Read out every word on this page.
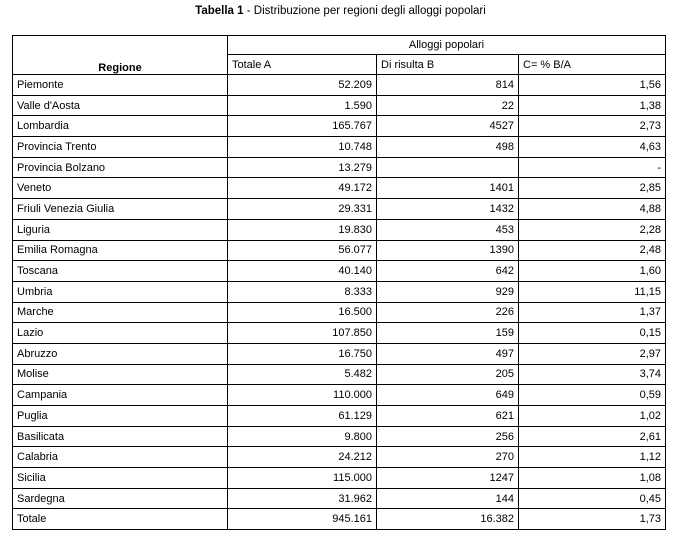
Tabella 1 - Distribuzione per regioni degli alloggi popolari
Regione	Alloggi popolari		
	Totale A	Di risulta B	C= % B/A
Piemonte	52.209	814	1,56
Valle d'Aosta	1.590	22	1,38
Lombardia	165.767	4527	2,73
Provincia Trento	10.748	498	4,63
Provincia Bolzano	13.279		-
Veneto	49.172	1401	2,85
Friuli Venezia Giulia	29.331	1432	4,88
Liguria	19.830	453	2,28
Emilia Romagna	56.077	1390	2,48
Toscana	40.140	642	1,60
Umbria	8.333	929	11,15
Marche	16.500	226	1,37
Lazio	107.850	159	0,15
Abruzzo	16.750	497	2,97
Molise	5.482	205	3,74
Campania	110.000	649	0,59
Puglia	61.129	621	1,02
Basilicata	9.800	256	2,61
Calabria	24.212	270	1,12
Sicilia	115.000	1247	1,08
Sardegna	31.962	144	0,45
Totale	945.161	16.382	1,73
